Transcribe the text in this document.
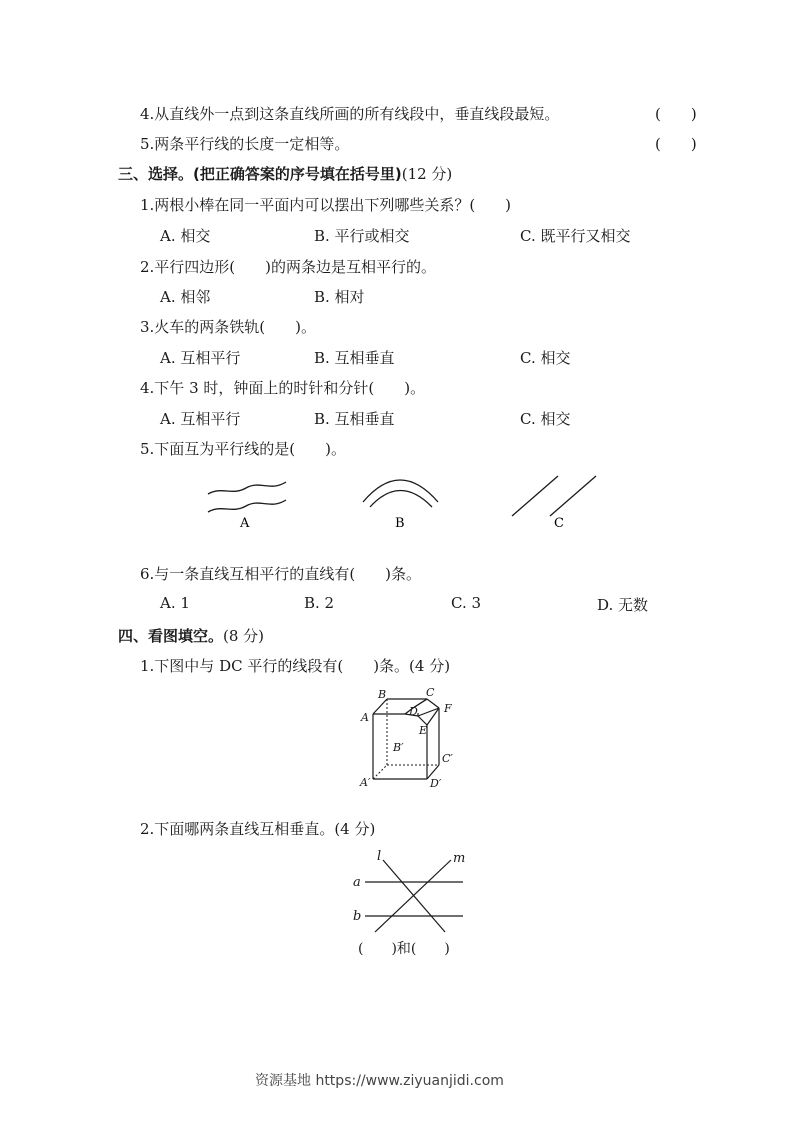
4.从直线外一点到这条直线所画的所有线段中，垂直线段最短。	(　　)
5.两条平行线的长度一定相等。	(　　)
三、选择。(把正确答案的序号填在括号里)(12 分)
1.两根小棒在同一平面内可以摆出下列哪些关系？(　　)
A. 相交	B. 平行或相交	C. 既平行又相交
2.平行四边形(　　)的两条边是互相平行的。
A. 相邻	B. 相对
3.火车的两条铁轨(　　)。
A. 互相平行	B. 互相垂直	C. 相交
4.下午 3 时，钟面上的时针和分针(　　)。
A. 互相平行	B. 互相垂直	C. 相交
5.下面互为平行线的是(　　)。
A	B	C
6.与一条直线互相平行的直线有(　　)条。
A. 1	B. 2	C. 3	D. 无数
四、看图填空。(8 分)
1.下图中与 DC 平行的线段有(　　)条。(4 分)
A
B	C
D
E
F
B′
C′
A′	D′
2.下面哪两条直线互相垂直。(4 分)
l	m
a
b
(　　)和(　　)
资源基地 https://www.ziyuanjidi.com
